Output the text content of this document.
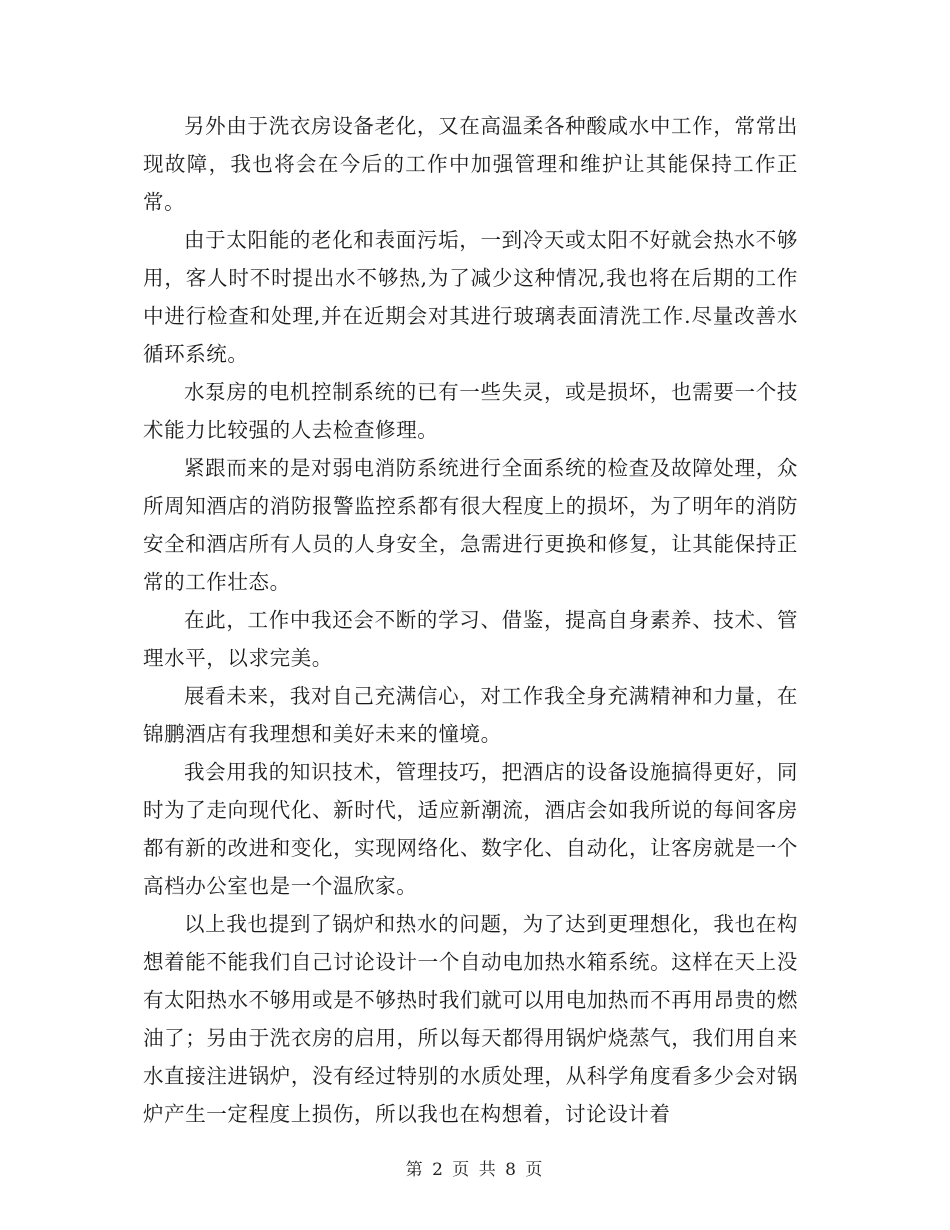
另外由于洗衣房设备老化，又在高温柔各种酸咸水中工作，常常出现故障，我也将会在今后的工作中加强管理和维护让其能保持工作正常。

由于太阳能的老化和表面污垢，一到冷天或太阳不好就会热水不够用，客人时不时提出水不够热,为了减少这种情况,我也将在后期的工作中进行检查和处理,并在近期会对其进行玻璃表面清洗工作.尽量改善水循环系统。

水泵房的电机控制系统的已有一些失灵，或是损坏，也需要一个技术能力比较强的人去检查修理。

紧跟而来的是对弱电消防系统进行全面系统的检查及故障处理，众所周知酒店的消防报警监控系都有很大程度上的损坏，为了明年的消防安全和酒店所有人员的人身安全，急需进行更换和修复，让其能保持正常的工作壮态。

在此，工作中我还会不断的学习、借鉴，提高自身素养、技术、管理水平，以求完美。

展看未来，我对自己充满信心，对工作我全身充满精神和力量，在锦鹏酒店有我理想和美好未来的憧境。

我会用我的知识技术，管理技巧，把酒店的设备设施搞得更好，同时为了走向现代化、新时代，适应新潮流，酒店会如我所说的每间客房都有新的改进和变化，实现网络化、数字化、自动化，让客房就是一个高档办公室也是一个温欣家。

以上我也提到了锅炉和热水的问题，为了达到更理想化，我也在构想着能不能我们自己讨论设计一个自动电加热水箱系统。这样在天上没有太阳热水不够用或是不够热时我们就可以用电加热而不再用昂贵的燃油了；另由于洗衣房的启用，所以每天都得用锅炉烧蒸气，我们用自来水直接注进锅炉，没有经过特别的水质处理，从科学角度看多少会对锅炉产生一定程度上损伤，所以我也在构想着，讨论设计着

第 2 页 共 8 页
